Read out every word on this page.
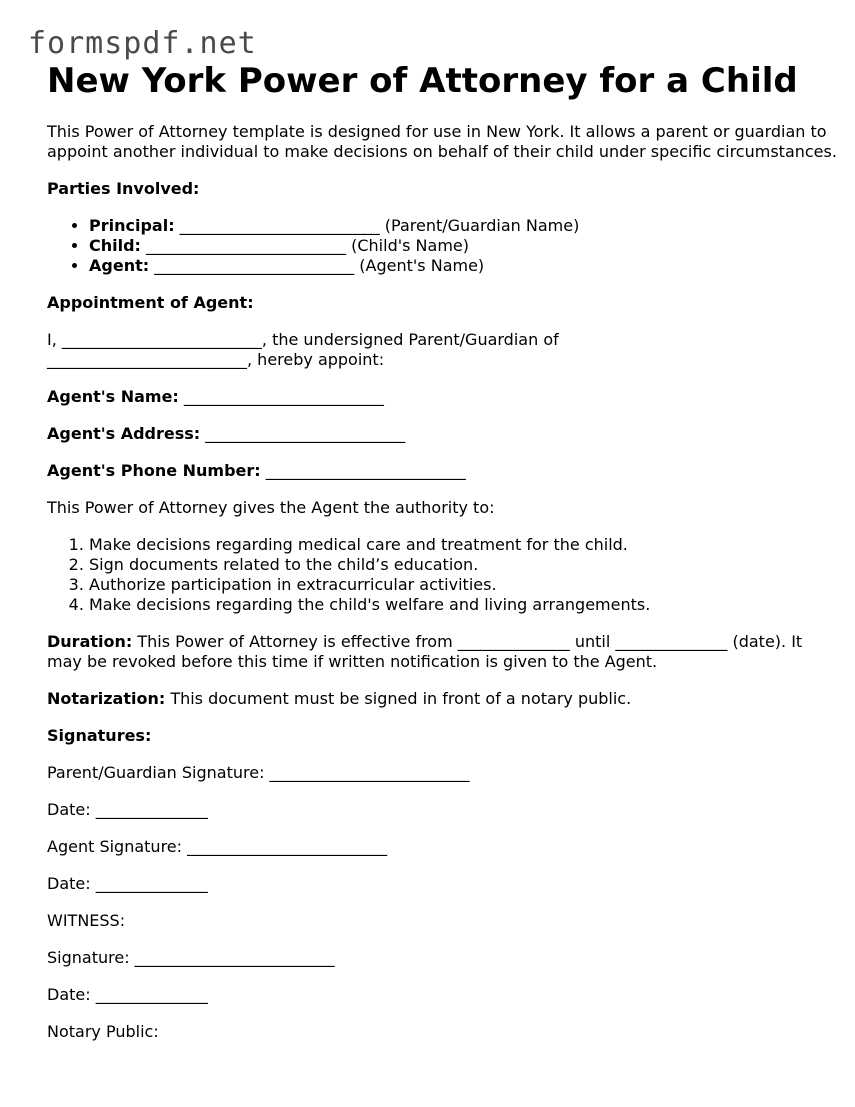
formspdf.net
New York Power of Attorney for a Child

This Power of Attorney template is designed for use in New York. It allows a parent or guardian to appoint another individual to make decisions on behalf of their child under specific circumstances.

Parties Involved:

• Principal: _________________________ (Parent/Guardian Name)
• Child: _________________________ (Child's Name)
• Agent: _________________________ (Agent's Name)

Appointment of Agent:

I, _________________________, the undersigned Parent/Guardian of _________________________, hereby appoint:

Agent's Name: _________________________

Agent's Address: _________________________

Agent's Phone Number: _________________________

This Power of Attorney gives the Agent the authority to:

1. Make decisions regarding medical care and treatment for the child.
2. Sign documents related to the child’s education.
3. Authorize participation in extracurricular activities.
4. Make decisions regarding the child's welfare and living arrangements.

Duration: This Power of Attorney is effective from ______________ until ______________ (date). It may be revoked before this time if written notification is given to the Agent.

Notarization: This document must be signed in front of a notary public.

Signatures:

Parent/Guardian Signature: _________________________

Date: ______________

Agent Signature: _________________________

Date: ______________

WITNESS:

Signature: _________________________

Date: ______________

Notary Public:
